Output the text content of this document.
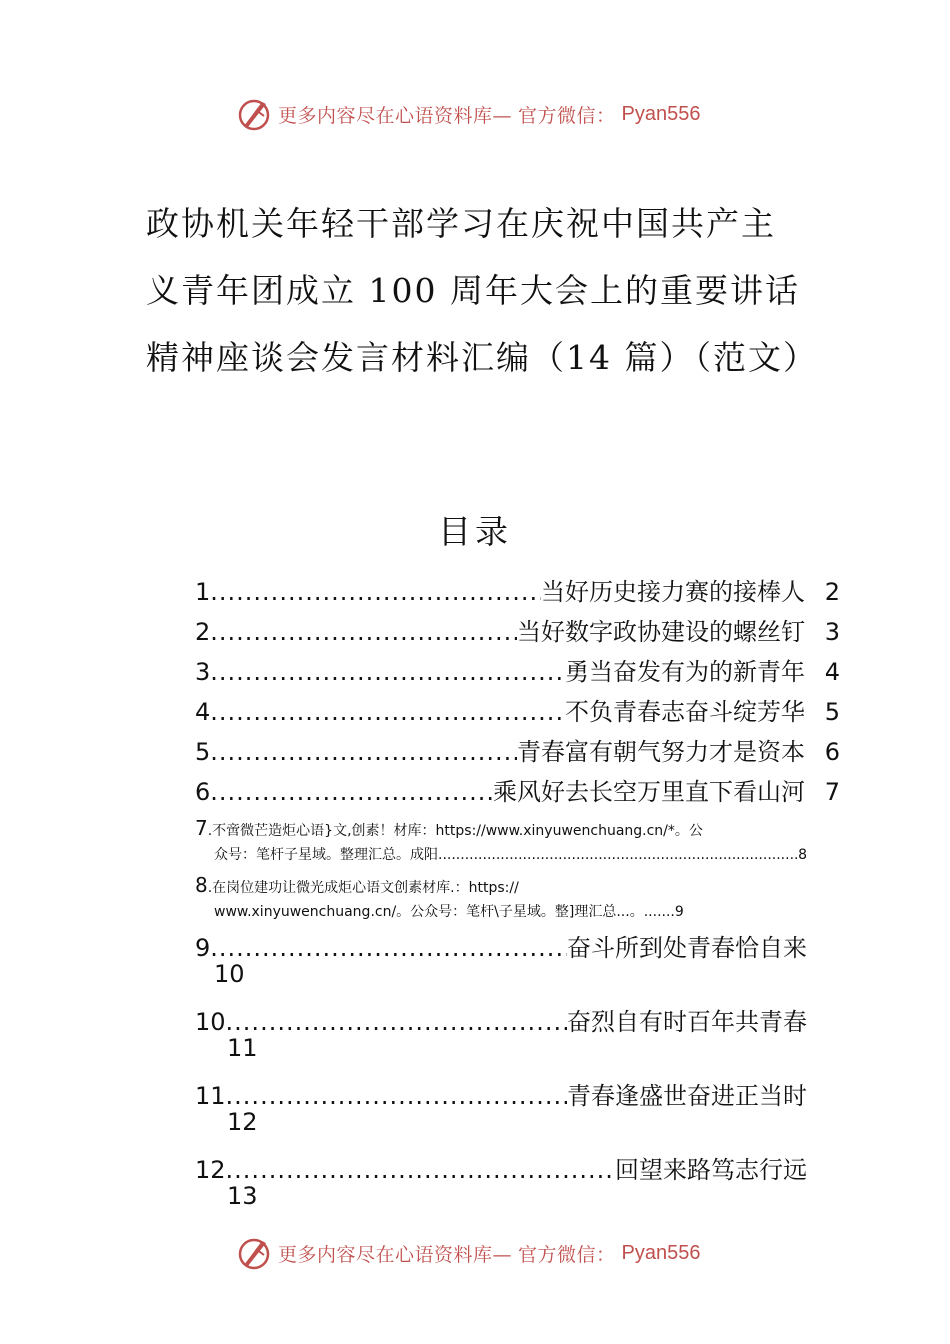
更多内容尽在心语资料库— 官方微信： Pyan556
政协机关年轻干部学习在庆祝中国共产主义青年团成立 100 周年大会上的重要讲话精神座谈会发言材料汇编（14 篇）（范文）
目录
1 .....	当好历史接力赛的接棒人 2
2 .....	当好数字政协建设的螺丝钉 3
3 .....	勇当奋发有为的新青年 4
4 .....	不负青春志奋斗绽芳华 5
5 .....	青春富有朝气努力才是资本 6
6 .....	乘风好去长空万里直下看山河 7
7.不啻微芒造炬心语}文,创素！材库：https://www.xinyuwenchuang.cn/*。公
众号：笔杆子星域。整理汇总。成阳 .....	8
8.在岗位建功让微光成炬心语文创素材库.：https://
www.xinyuwenchuang.cn/。公众号：笔杆\子星域。整]理汇总...。 .......9
9 .....	奋斗所到处青春恰自来
10
10 .....	奋烈自有时百年共青春
11
11 .....	青春逢盛世奋进正当时
12
12 .....	回望来路笃志行远
13
更多内容尽在心语资料库— 官方微信： Pyan556
